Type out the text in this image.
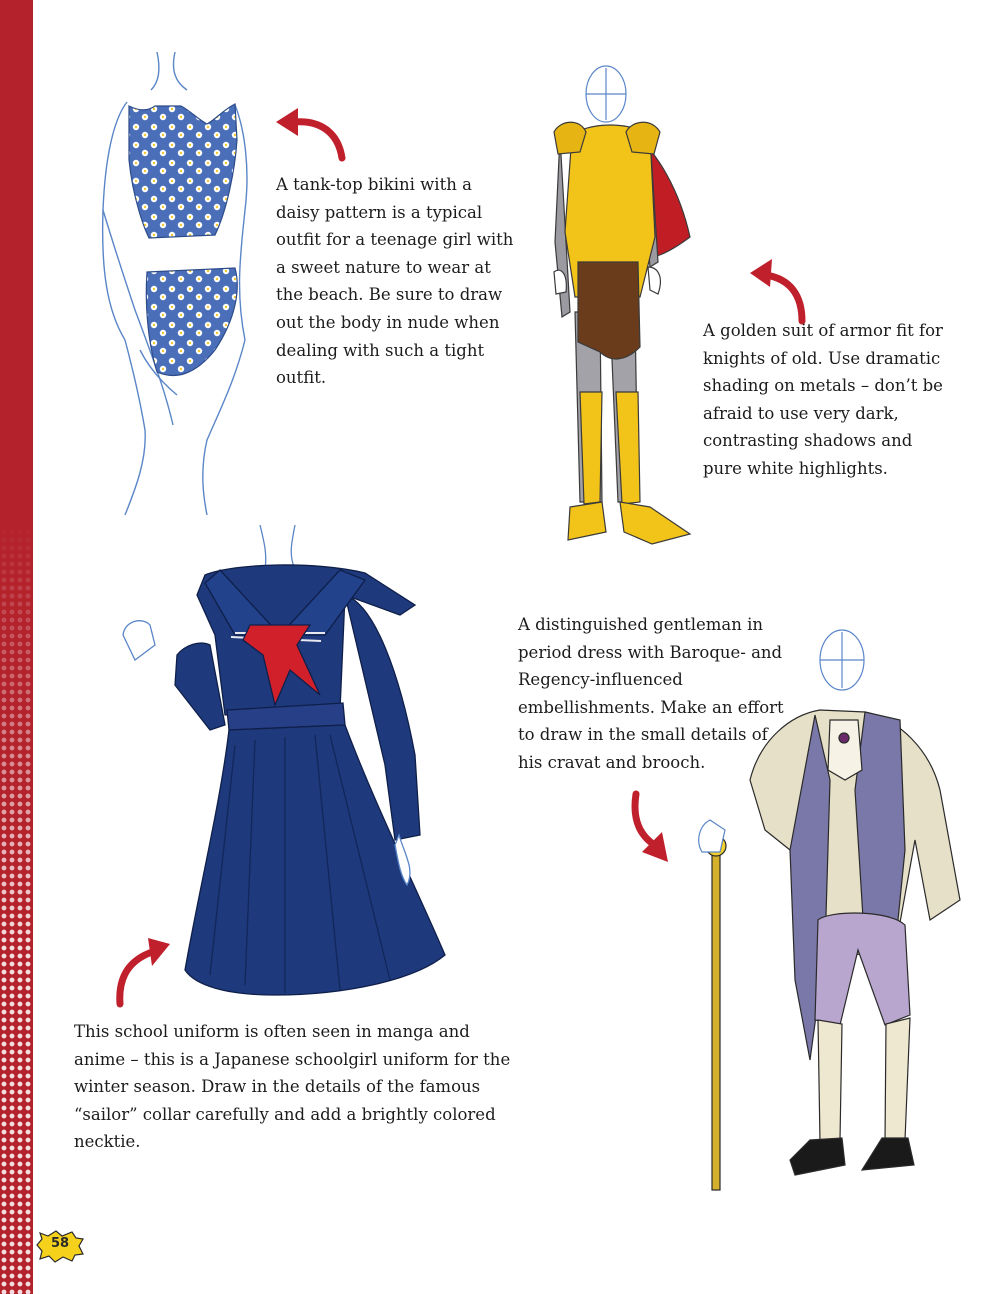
A tank-top bikini with a daisy pattern is a typical outfit for a teenage girl with a sweet nature to wear at the beach. Be sure to draw out the body in nude when dealing with such a tight outfit.

A golden suit of armor fit for knights of old. Use dramatic shading on metals – don’t be afraid to use very dark, contrasting shadows and pure white highlights.

A distinguished gentleman in period dress with Baroque- and Regency-influenced embellishments. Make an effort to draw in the small details of his cravat and brooch.

This school uniform is often seen in manga and anime – this is a Japanese schoolgirl uniform for the winter season. Draw in the details of the famous “sailor” collar carefully and add a brightly colored necktie.

58
